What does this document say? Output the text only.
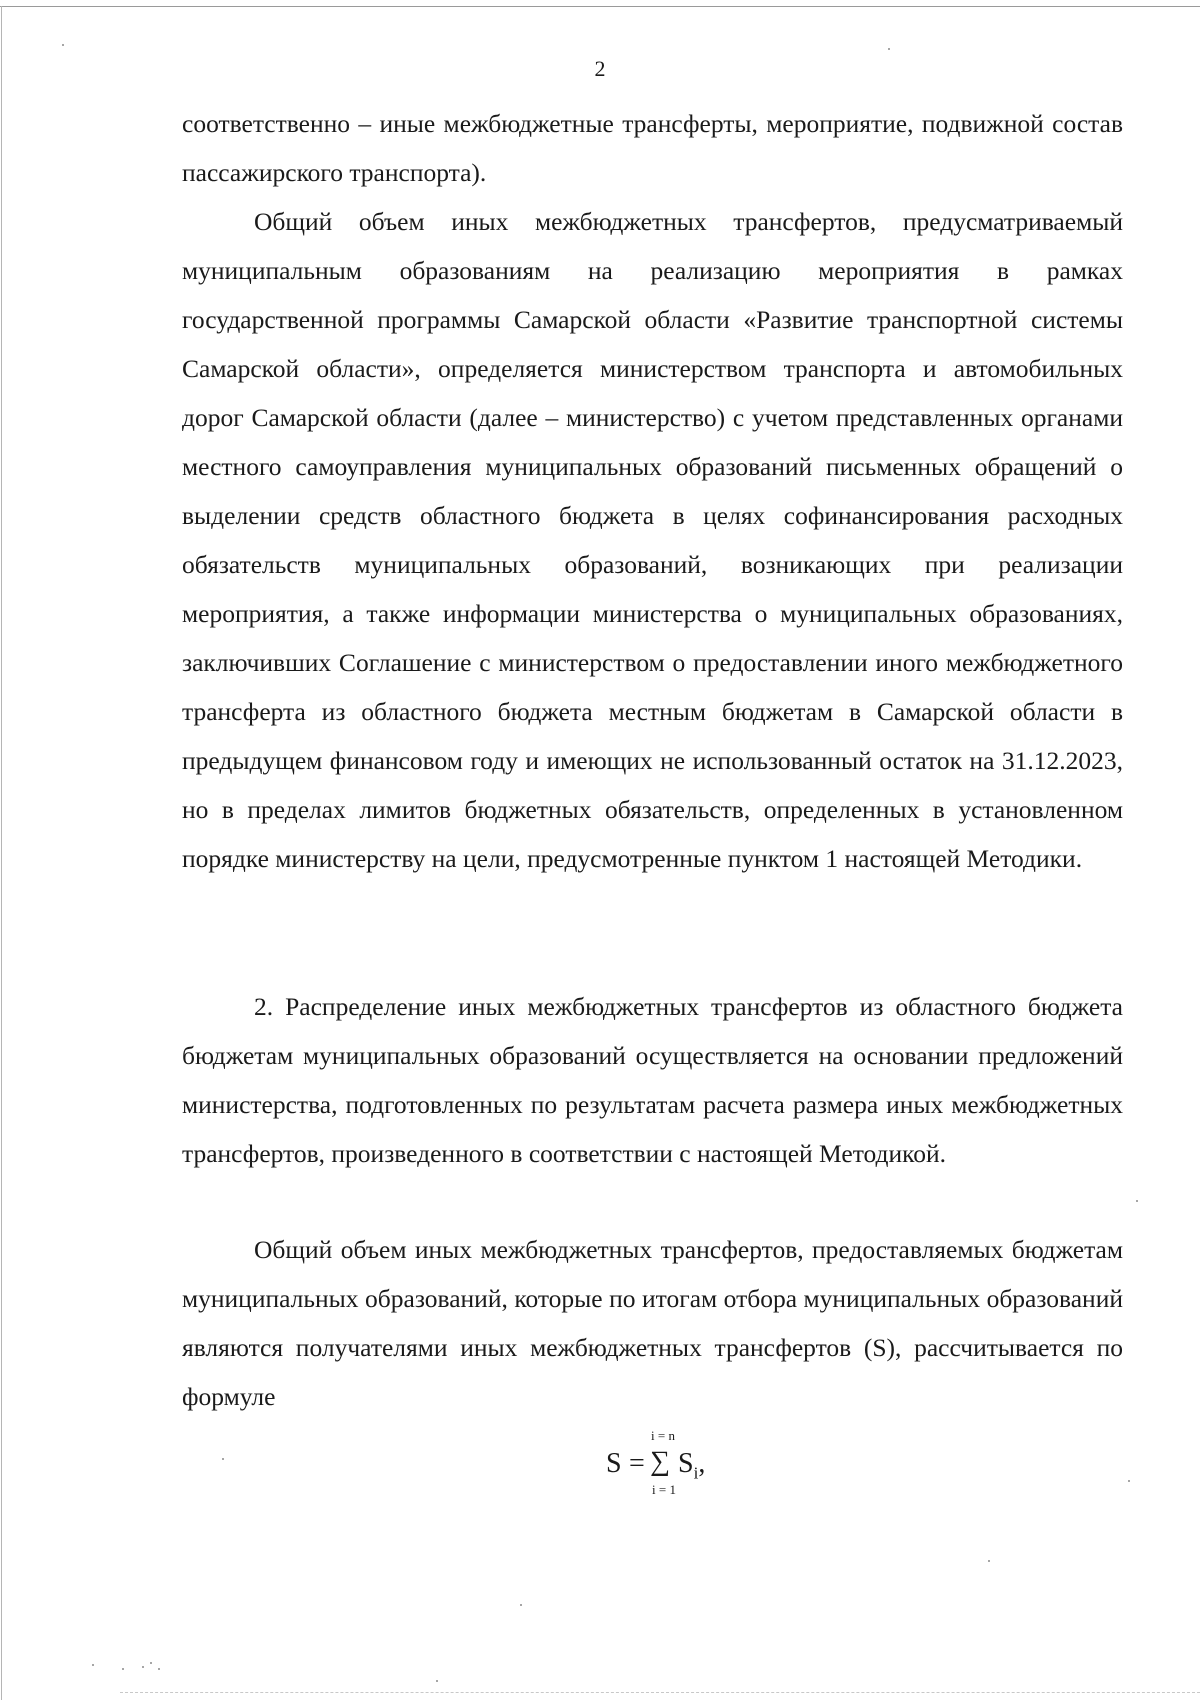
2

соответственно – иные межбюджетные трансферты, мероприятие, подвижной состав пассажирского транспорта).

Общий объем иных межбюджетных трансфертов, предусматриваемый муниципальным образованиям на реализацию мероприятия в рамках государственной программы Самарской области «Развитие транспортной системы Самарской области», определяется министерством транспорта и автомобильных дорог Самарской области (далее – министерство) с учетом представленных органами местного самоуправления муниципальных образований письменных обращений о выделении средств областного бюджета в целях софинансирования расходных обязательств муниципальных образований, возникающих при реализации мероприятия, а также информации министерства о муниципальных образованиях, заключивших Соглашение с министерством о предоставлении иного межбюджетного трансферта из областного бюджета местным бюджетам в Самарской области в предыдущем финансовом году и имеющих не использованный остаток на 31.12.2023, но в пределах лимитов бюджетных обязательств, определенных в установленном порядке министерству на цели, предусмотренные пунктом 1 настоящей Методики.

2. Распределение иных межбюджетных трансфертов из областного бюджета бюджетам муниципальных образований осуществляется на основании предложений министерства, подготовленных по результатам расчета размера иных межбюджетных трансфертов, произведенного в соответствии с настоящей Методикой.

Общий объем иных межбюджетных трансфертов, предоставляемых бюджетам муниципальных образований, которые по итогам отбора муниципальных образований являются получателями иных межбюджетных трансфертов (S), рассчитывается по формуле

S =
i = n
∑
i = 1
$S_i$,
